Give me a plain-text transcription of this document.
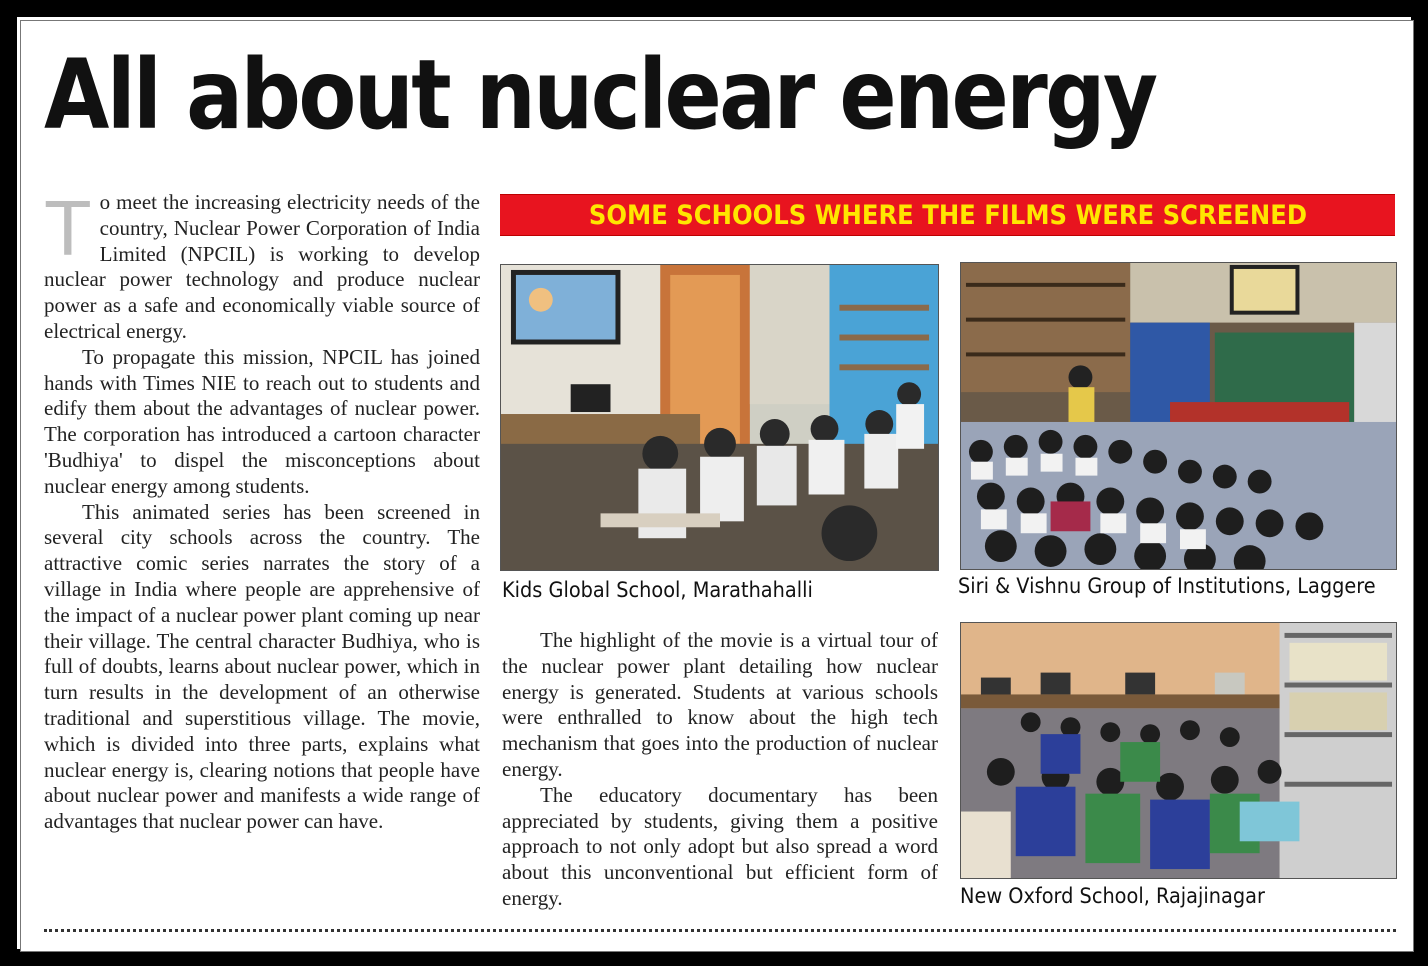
All about nuclear energy

To meet the increasing electricity needs of the country, Nuclear Power Corporation of India Limited (NPCIL) is working to develop nuclear power technology and produce nuclear power as a safe and economically viable source of electrical energy.

To propagate this mission, NPCIL has joined hands with Times NIE to reach out to students and edify them about the advantages of nuclear power. The corporation has introduced a cartoon character 'Budhiya' to dispel the misconceptions about nuclear energy among students.

This animated series has been screened in several city schools across the country. The attractive comic series narrates the story of a village in India where people are apprehensive of the impact of a nuclear power plant coming up near their village. The central character Budhiya, who is full of doubts, learns about nuclear power, which in turn results in the development of an otherwise traditional and superstitious village. The movie, which is divided into three parts, explains what nuclear energy is, clearing notions that people have about nuclear power and manifests a wide range of advantages that nuclear power can have.

SOME SCHOOLS WHERE THE FILMS WERE SCREENED
Kids Global School, Marathahalli	Siri & Vishnu Group of Institutions, Laggere
New Oxford School, Rajajinagar

The highlight of the movie is a virtual tour of the nuclear power plant detailing how nuclear energy is generated. Students at various schools were enthralled to know about the high tech mechanism that goes into the production of nuclear energy.

The educatory documentary has been appreciated by students, giving them a positive approach to not only adopt but also spread a word about this unconventional but efficient form of energy.
